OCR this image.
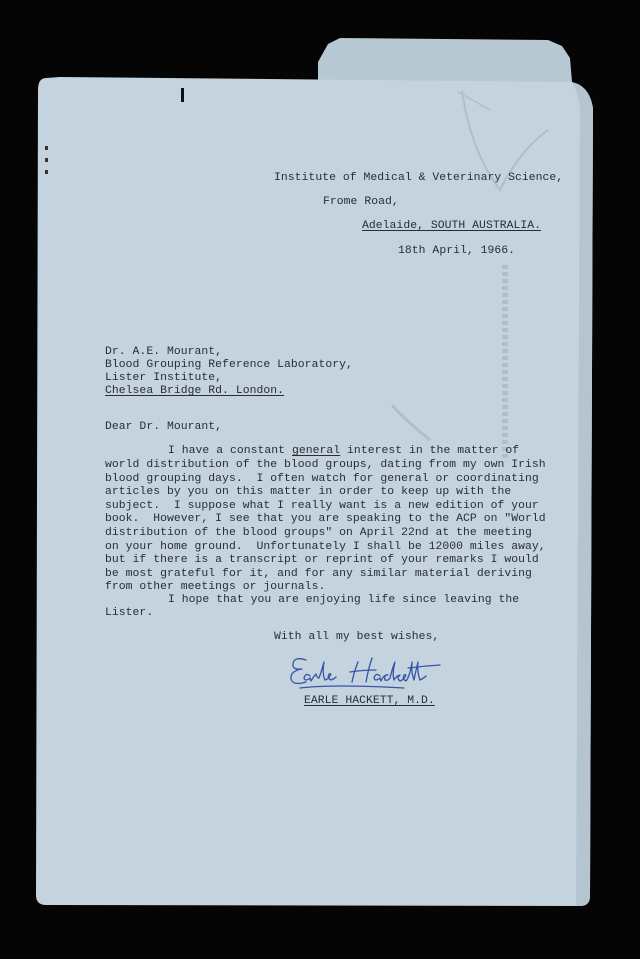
Institute of Medical & Veterinary Science,
Frome Road,
Adelaide, SOUTH AUSTRALIA.
18th April, 1966.
Dr. A.E. Mourant,
Blood Grouping Reference Laboratory,
Lister Institute,
Chelsea Bridge Rd. London.
Dear Dr. Mourant,
I have a constant general interest in the matter of
world distribution of the blood groups, dating from my own Irish
blood grouping days.  I often watch for general or coordinating
articles by you on this matter in order to keep up with the
subject.  I suppose what I really want is a new edition of your
book.  However, I see that you are speaking to the ACP on "World
distribution of the blood groups" on April 22nd at the meeting
on your home ground.  Unfortunately I shall be 12000 miles away,
but if there is a transcript or reprint of your remarks I would
be most grateful for it, and for any similar material deriving
from other meetings or journals.
I hope that you are enjoying life since leaving the
Lister.
With all my best wishes,
EARLE HACKETT, M.D.
